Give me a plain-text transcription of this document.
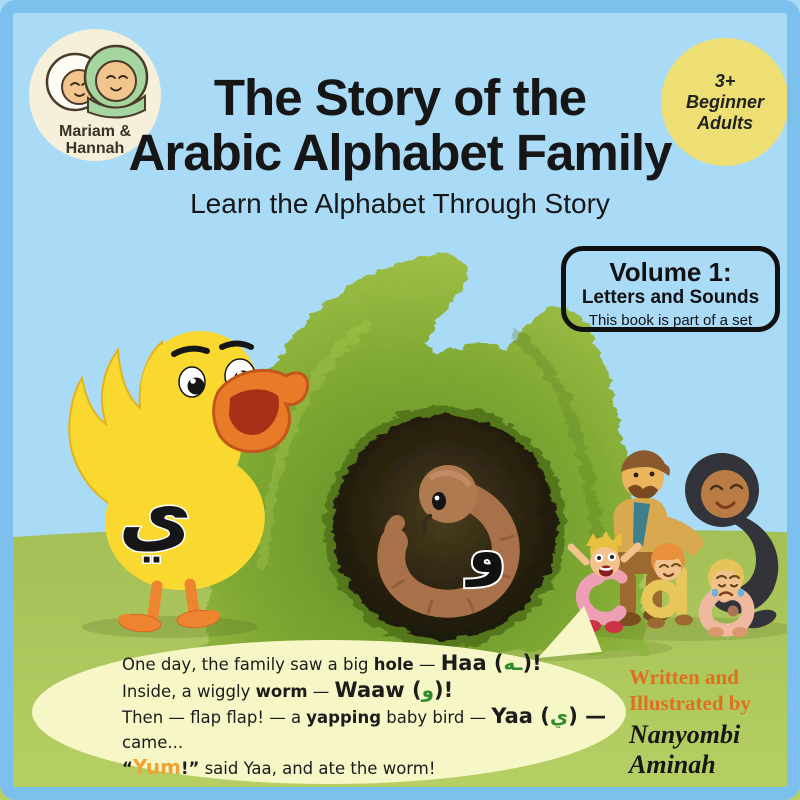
و
ي
One day, the family saw a big hole — Haa (ـه)!
Inside, a wiggly worm — Waaw (و)!
Then — flap flap! — a yapping baby bird — Yaa (ي) —
came...
“Yum!” said Yaa, and ate the worm!
Mariam &
Hannah
3+
Beginner
Adults
The Story of the
Arabic Alphabet Family
Learn the Alphabet Through Story
Volume 1:
Letters and Sounds
This book is part of a set
Written and
Illustrated by
Nanyombi
Aminah
